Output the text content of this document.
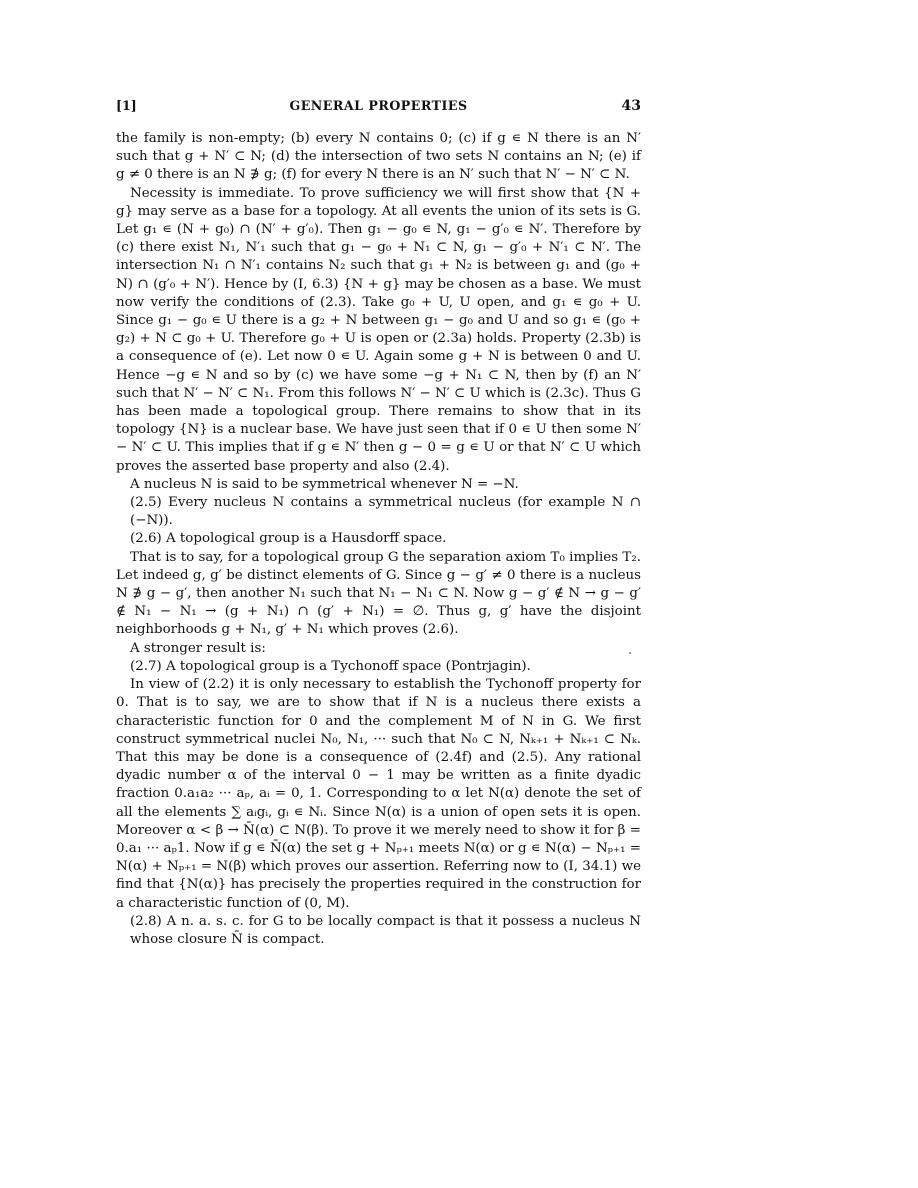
[1]	GENERAL PROPERTIES	43

the family is non-empty; (b) every N contains 0; (c) if g ∊ N there is an N′ such that g + N′ ⊂ N; (d) the intersection of two sets N contains an N; (e) if g ≠ 0 there is an N ∌ g; (f) for every N there is an N′ such that N′ − N′ ⊂ N.

Necessity is immediate. To prove sufficiency we will first show that {N + g} may serve as a base for a topology. At all events the union of its sets is G. Let g₁ ∊ (N + g₀) ∩ (N′ + g′₀). Then g₁ − g₀ ∊ N, g₁ − g′₀ ∊ N′. Therefore by (c) there exist N₁, N′₁ such that g₁ − g₀ + N₁ ⊂ N, g₁ − g′₀ + N′₁ ⊂ N′. The intersection N₁ ∩ N′₁ contains N₂ such that g₁ + N₂ is between g₁ and (g₀ + N) ∩ (g′₀ + N′). Hence by (I, 6.3) {N + g} may be chosen as a base. We must now verify the conditions of (2.3). Take g₀ + U, U open, and g₁ ∊ g₀ + U. Since g₁ − g₀ ∊ U there is a g₂ + N between g₁ − g₀ and U and so g₁ ∊ (g₀ + g₂) + N ⊂ g₀ + U. Therefore g₀ + U is open or (2.3a) holds. Property (2.3b) is a consequence of (e). Let now 0 ∊ U. Again some g + N is between 0 and U. Hence −g ∊ N and so by (c) we have some −g + N₁ ⊂ N, then by (f) an N′ such that N′ − N′ ⊂ N₁. From this follows N′ − N′ ⊂ U which is (2.3c). Thus G has been made a topological group. There remains to show that in its topology {N} is a nuclear base. We have just seen that if 0 ∊ U then some N′ − N′ ⊂ U. This implies that if g ∊ N′ then g − 0 = g ∊ U or that N′ ⊂ U which proves the asserted base property and also (2.4).

A nucleus N is said to be symmetrical whenever N = −N.

(2.5) Every nucleus N contains a symmetrical nucleus (for example N ∩ (−N)).

(2.6) A topological group is a Hausdorff space.

That is to say, for a topological group G the separation axiom T₀ implies T₂. Let indeed g, g′ be distinct elements of G. Since g − g′ ≠ 0 there is a nucleus N ∌ g − g′, then another N₁ such that N₁ − N₁ ⊂ N. Now g − g′ ∉ N → g − g′ ∉ N₁ − N₁ → (g + N₁) ∩ (g′ + N₁) = ∅. Thus g, g′ have the disjoint neighborhoods g + N₁, g′ + N₁ which proves (2.6).

A stronger result is:

(2.7) A topological group is a Tychonoff space (Pontrjagin).

In view of (2.2) it is only necessary to establish the Tychonoff property for 0. That is to say, we are to show that if N is a nucleus there exists a characteristic function for 0 and the complement M of N in G. We first construct symmetrical nuclei N₀, N₁, ··· such that N₀ ⊂ N, Nₖ₊₁ + Nₖ₊₁ ⊂ Nₖ. That this may be done is a consequence of (2.4f) and (2.5). Any rational dyadic number α of the interval 0 − 1 may be written as a finite dyadic fraction 0.a₁a₂ ··· aₚ, aᵢ = 0, 1. Corresponding to α let N(α) denote the set of all the elements ∑ aᵢgᵢ, gᵢ ∊ Nᵢ. Since N(α) is a union of open sets it is open. Moreover α < β → N̄(α) ⊂ N(β). To prove it we merely need to show it for β = 0.a₁ ··· aₚ1. Now if g ∊ N̄(α) the set g + Nₚ₊₁ meets N(α) or g ∊ N(α) − Nₚ₊₁ = N(α) + Nₚ₊₁ = N(β) which proves our assertion. Referring now to (I, 34.1) we find that {N(α)} has precisely the properties required in the construction for a characteristic function of (0, M).

(2.8) A n. a. s. c. for G to be locally compact is that it possess a nucleus N whose closure N̄ is compact.
